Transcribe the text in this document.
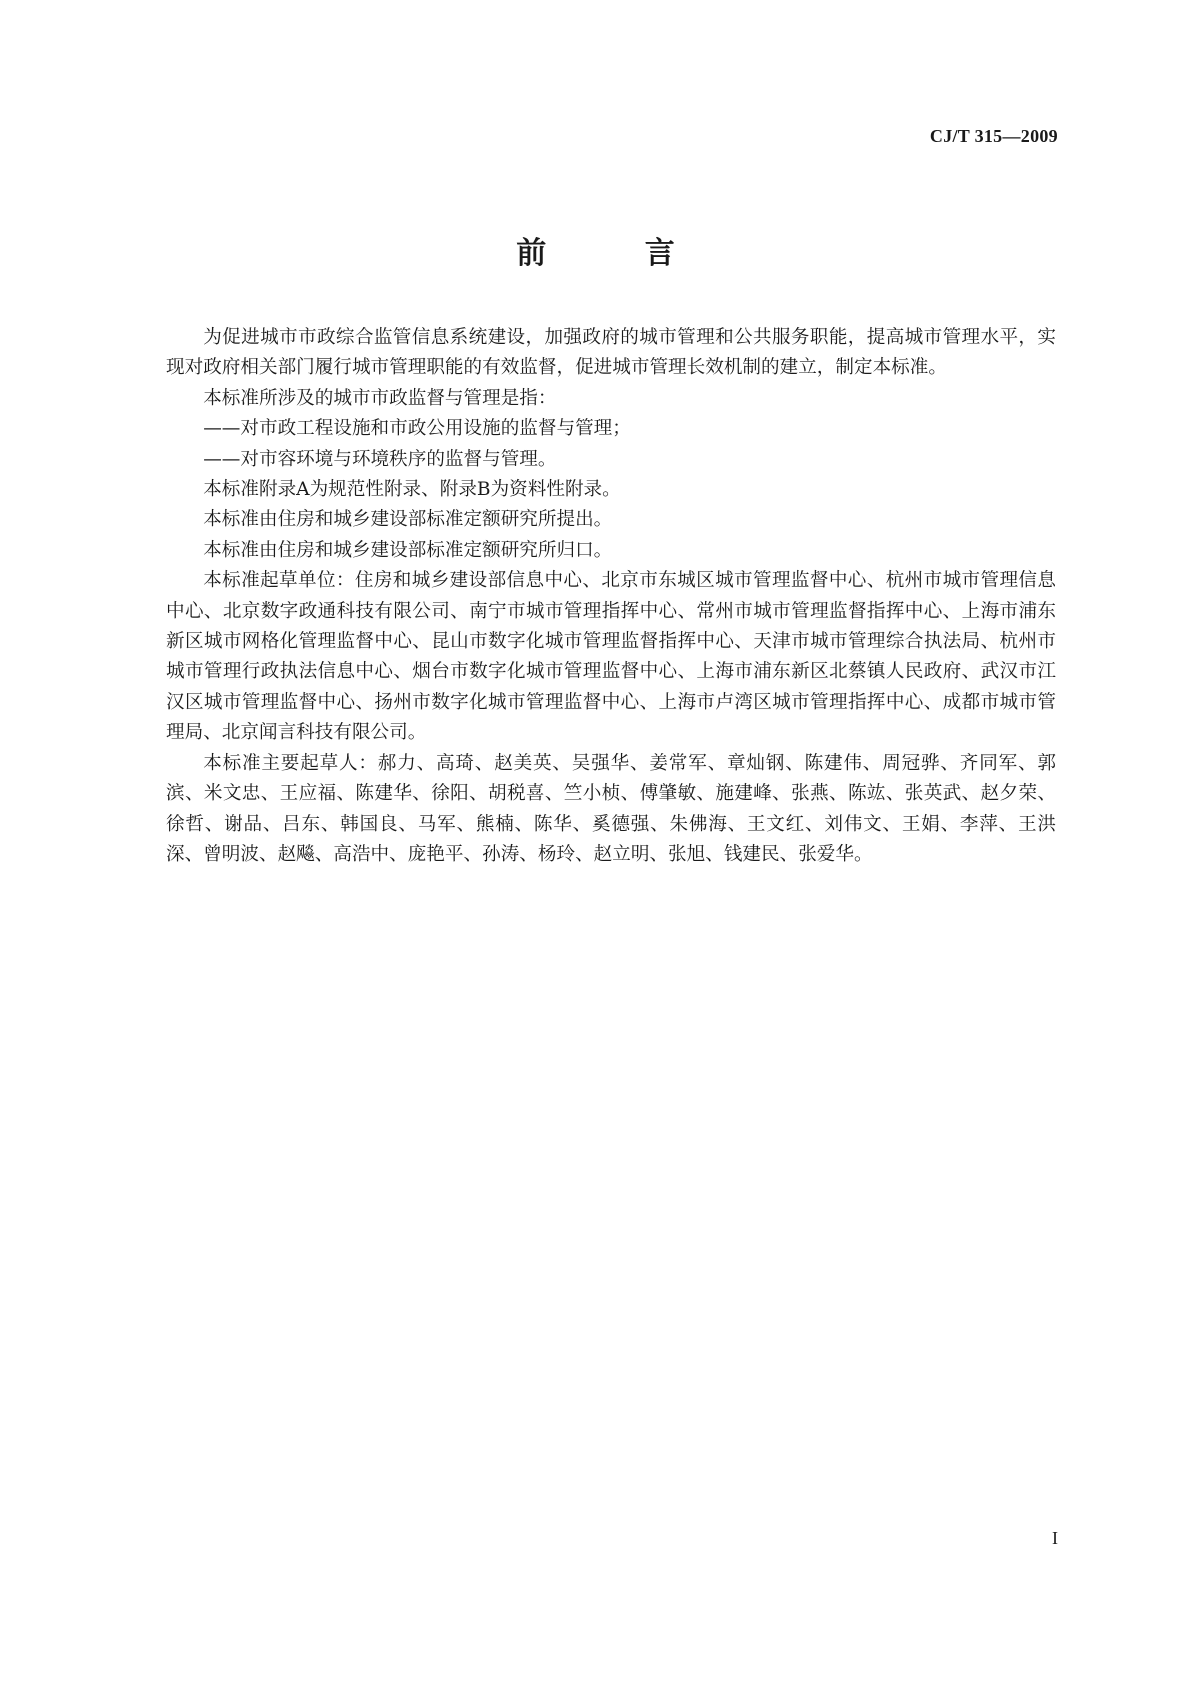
CJ/T 315—2009
前 言

为促进城市市政综合监管信息系统建设，加强政府的城市管理和公共服务职能，提高城市管理水平，实现对政府相关部门履行城市管理职能的有效监督，促进城市管理长效机制的建立，制定本标准。

本标准所涉及的城市市政监督与管理是指：

——对市政工程设施和市政公用设施的监督与管理；

——对市容环境与环境秩序的监督与管理。

本标准附录A为规范性附录、附录B为资料性附录。

本标准由住房和城乡建设部标准定额研究所提出。

本标准由住房和城乡建设部标准定额研究所归口。

本标准起草单位：住房和城乡建设部信息中心、北京市东城区城市管理监督中心、杭州市城市管理信息中心、北京数字政通科技有限公司、南宁市城市管理指挥中心、常州市城市管理监督指挥中心、上海市浦东新区城市网格化管理监督中心、昆山市数字化城市管理监督指挥中心、天津市城市管理综合执法局、杭州市城市管理行政执法信息中心、烟台市数字化城市管理监督中心、上海市浦东新区北蔡镇人民政府、武汉市江汉区城市管理监督中心、扬州市数字化城市管理监督中心、上海市卢湾区城市管理指挥中心、成都市城市管理局、北京闻言科技有限公司。

本标准主要起草人：郝力、高琦、赵美英、吴强华、姜常军、章灿钢、陈建伟、周冠骅、齐同军、郭滨、米文忠、王应福、陈建华、徐阳、胡税喜、竺小桢、傅肇敏、施建峰、张燕、陈竑、张英武、赵夕荣、徐哲、谢品、吕东、韩国良、马军、熊楠、陈华、奚德强、朱佛海、王文红、刘伟文、王娟、李萍、王洪深、曾明波、赵飚、高浩中、庞艳平、孙涛、杨玲、赵立明、张旭、钱建民、张爱华。

I
